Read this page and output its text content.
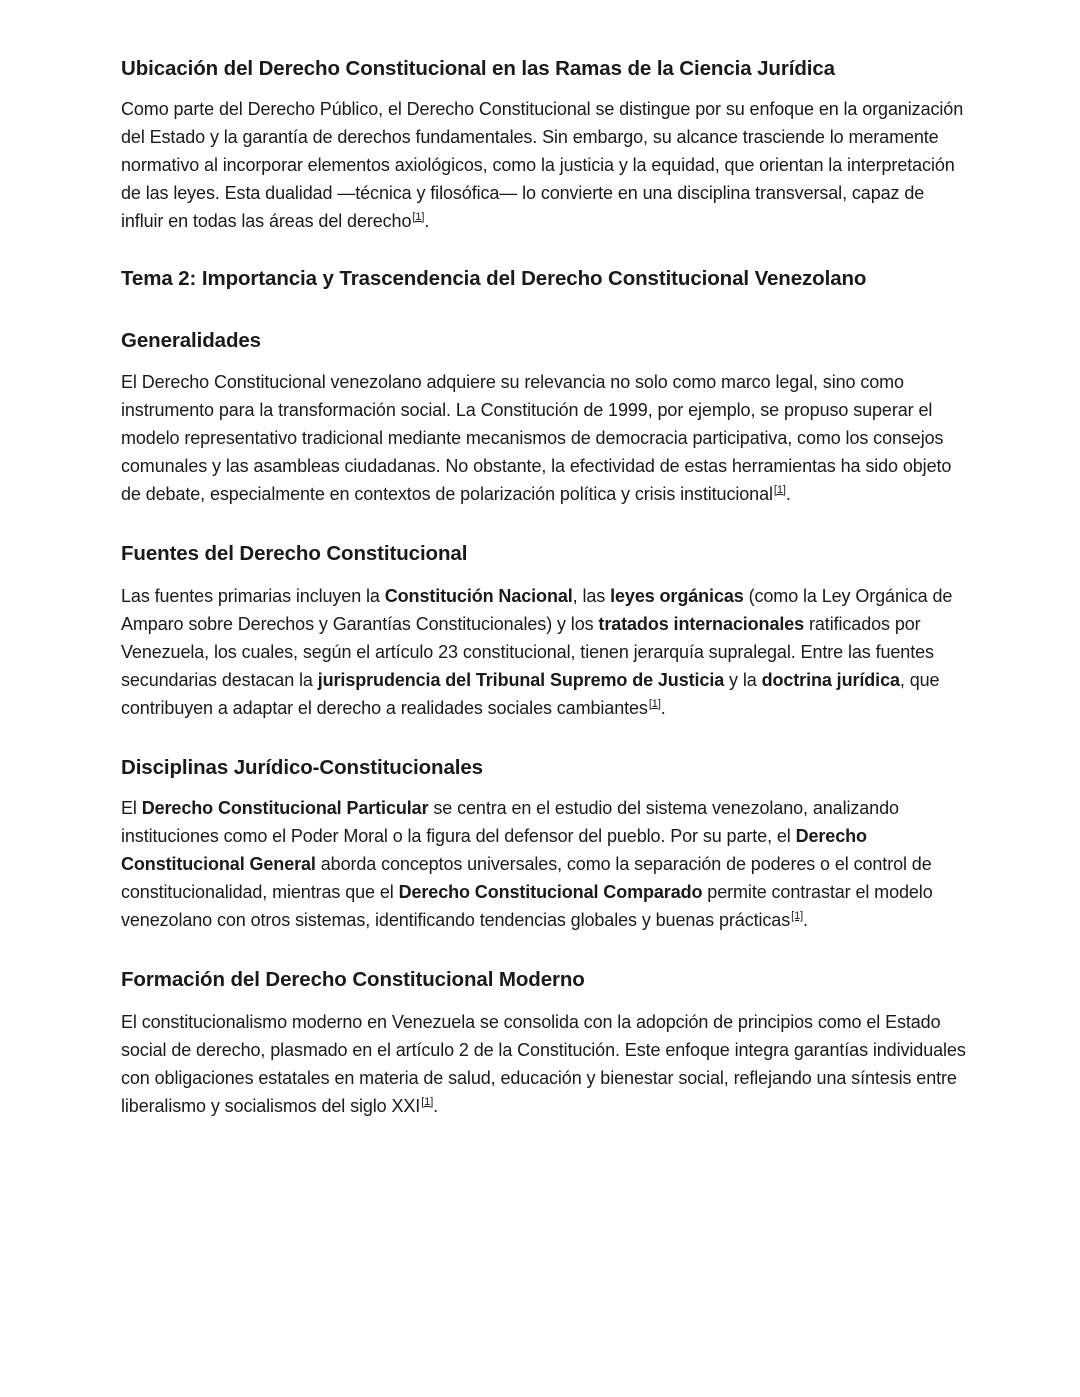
Ubicación del Derecho Constitucional en las Ramas de la Ciencia Jurídica

Como parte del Derecho Público, el Derecho Constitucional se distingue por su enfoque en la organización del Estado y la garantía de derechos fundamentales. Sin embargo, su alcance trasciende lo meramente normativo al incorporar elementos axiológicos, como la justicia y la equidad, que orientan la interpretación de las leyes. Esta dualidad —técnica y filosófica— lo convierte en una disciplina transversal, capaz de influir en todas las áreas del derecho[1].

Tema 2: Importancia y Trascendencia del Derecho Constitucional Venezolano
Generalidades

El Derecho Constitucional venezolano adquiere su relevancia no solo como marco legal, sino como instrumento para la transformación social. La Constitución de 1999, por ejemplo, se propuso superar el modelo representativo tradicional mediante mecanismos de democracia participativa, como los consejos comunales y las asambleas ciudadanas. No obstante, la efectividad de estas herramientas ha sido objeto de debate, especialmente en contextos de polarización política y crisis institucional[1].

Fuentes del Derecho Constitucional

Las fuentes primarias incluyen la Constitución Nacional, las leyes orgánicas (como la Ley Orgánica de Amparo sobre Derechos y Garantías Constitucionales) y los tratados internacionales ratificados por Venezuela, los cuales, según el artículo 23 constitucional, tienen jerarquía supralegal. Entre las fuentes secundarias destacan la jurisprudencia del Tribunal Supremo de Justicia y la doctrina jurídica, que contribuyen a adaptar el derecho a realidades sociales cambiantes[1].

Disciplinas Jurídico-Constitucionales

El Derecho Constitucional Particular se centra en el estudio del sistema venezolano, analizando instituciones como el Poder Moral o la figura del defensor del pueblo. Por su parte, el Derecho Constitucional General aborda conceptos universales, como la separación de poderes o el control de constitucionalidad, mientras que el Derecho Constitucional Comparado permite contrastar el modelo venezolano con otros sistemas, identificando tendencias globales y buenas prácticas[1].

Formación del Derecho Constitucional Moderno

El constitucionalismo moderno en Venezuela se consolida con la adopción de principios como el Estado social de derecho, plasmado en el artículo 2 de la Constitución. Este enfoque integra garantías individuales con obligaciones estatales en materia de salud, educación y bienestar social, reflejando una síntesis entre liberalismo y socialismos del siglo XXI[1].
